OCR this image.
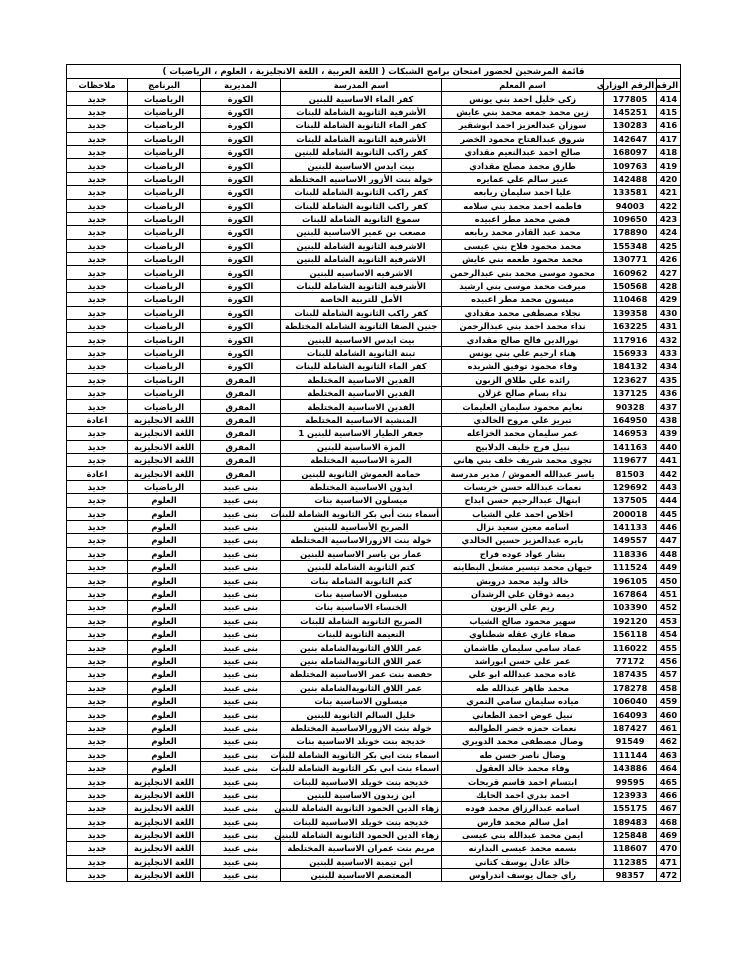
قائمة المرشحين لحضور امتحان برامج الشبكات ( اللغة العربية ، اللغة الانجليزية ، العلوم ، الرياضيات )						
الرقم	الرقم الوزاري	اسم المعلم	اسم المدرسة	المديرية	البرنامج	ملاحظات
414	177805	زكي خليل احمد بني يونس	كفر الماء الاساسية للبنين	الكورة	الرياضيات	جديد
415	145251	زين محمد جمعه محمد بني عايش	الأشرفية الثانوية الشاملة للبنات	الكورة	الرياضيات	جديد
416	130283	سوزان عبدالعزيز احمد ابوشقير	كفر الماء الثانوية الشاملة للبنات	الكورة	الرياضيات	جديد
417	142647	شروق عبدالفتاح محمود الخضر	الأشرفية الثانوية الشاملة للبنات	الكورة	الرياضيات	جديد
418	168097	صالح احمد عبدالنعيم مقدادي	كفر راكب الثانوية الشاملة للبنين	الكورة	الرياضيات	جديد
419	109763	طارق محمد مصلح مقدادي	بيت ايدس الاساسية للبنين	الكورة	الرياضيات	جديد
420	142488	عبير سالم علي عمايره	خولة بنت الأزور الاساسيه المختلطة	الكورة	الرياضيات	جديد
421	133581	عليا احمد سليمان ربابعه	كفر راكب الثانوية الشاملة للبنات	الكورة	الرياضيات	جديد
422	94003	فاطمه احمد محمد بني سلامه	كفر راكب الثانوية الشاملة للبنات	الكورة	الرياضيات	جديد
423	109650	فضي محمد مطر اعبيده	سموع الثانوية الشاملة للبنات	الكورة	الرياضيات	جديد
424	178890	محمد عبد القادر محمد ربابعه	مصعب بن عمير الاساسية للبنين	الكورة	الرياضيات	جديد
425	155348	محمد محمود فلاح بني عيسى	الاشرفية الثانوية الشاملة للبنين	الكورة	الرياضيات	جديد
426	130771	محمد محمود طعمه بني عايش	الاشرفية الثانوية الشاملة للبنين	الكورة	الرياضيات	جديد
427	160962	محمود موسى محمد بني عبدالرحمن	الاشرفيه الاساسيه للبنين	الكورة	الرياضيات	جديد
428	150568	ميرفت محمد موسى بني ارشيد	الأشرفية الثانوية الشاملة للبنات	الكورة	الرياضيات	جديد
429	110468	ميسون محمد مطر اعبيده	الأمل للتربية الخاصة	الكورة	الرياضيات	جديد
430	139358	نجلاء مصطفى محمد مقدادي	كفر راكب الثانوية الشاملة للبنات	الكورة	الرياضيات	جديد
431	163225	نداء محمد احمد بني عبدالرحمن	جنين الصفا الثانوية الشاملة المختلطة	الكورة	الرياضيات	جديد
432	117916	نورالدين فالح صالح مقدادي	بيت ايدس الاساسية للبنين	الكورة	الرياضيات	جديد
433	156933	هناء ارحيم علي بني يونس	تبنة الثانوية الشاملة للبنات	الكورة	الرياضيات	جديد
434	184132	وفاء محمود توفيق الشريده	كفر الماء الثانوية الشاملة للبنات	الكورة	الرياضيات	جديد
435	123627	رائده علي طلاق الزبون	الفدين الاساسية المختلطة	المفرق	الرياضيات	جديد
436	137125	نداء بسام صالح غزلان	الفدين الاساسية المختلطة	المفرق	الرياضيات	جديد
437	90328	نعايم محمود سليمان العليمات	الفدين الاساسية المختلطة	المفرق	الرياضيات	جديد
438	164950	تبريز علي مروح الخالدي	المنشية الاساسية المختلطة	المفرق	اللغة الانجليزية	اعادة
439	146953	عمر سليمان محمد الخزاعله	جعفر الطيار الاساسية للبنين 1	المفرق	اللغة الانجليزية	جديد
440	141163	نبيل فرج خليف الدلابيح	المزة الاساسية للبنين	المفرق	اللغة الانجليزية	جديد
441	119677	تجوى محمد شريف خلف بني هاني	المزة الاساسية المختلطة	المفرق	اللغة الانجليزية	جديد
442	81503	ياسر عبدالله العموش / مدير مدرسة	حمامة العموش الثانوية للبنين	المفرق	اللغة الانجليزية	اعادة
443	129692	نعمات عبدالله حسن خريسات	ايدون الاساسية المختلطة	بنى عبيد	الرياضيات	جديد
444	137505	ابتهال عبدالرحيم حسن ابداح	ميسلون الاساسية بنات	بنى عبيد	العلوم	جديد
445	200018	اخلاص احمد علي الشياب	أسماء بنت أبي بكر الثانوية الشاملة للبنات	بنى عبيد	العلوم	جديد
446	141133	اسامه معين سعيد نزال	الصريح الأساسية للبنين	بنى عبيد	العلوم	جديد
447	149557	بايره عبدالعزيز حسين الخالدي	خولة بنت الازورالاساسية المختلطة	بنى عبيد	العلوم	جديد
448	118336	بشار عواد عوده فراج	عمار بن ياسر الاساسية للبنين	بنى عبيد	العلوم	جديد
449	111524	جيهان محمد تيسير مشعل البطاينه	كتم الثانوية الشاملة للبنين	بنى عبيد	العلوم	جديد
450	196105	خالد وليد محمد درويش	كتم الثانوية الشاملة بنات	بنى عبيد	العلوم	جديد
451	167864	ديمه ذوقان علي الرشدان	ميسلون الاساسية بنات	بنى عبيد	العلوم	جديد
452	103390	ريم علي الزبون	الخنساء الاساسية بنات	بنى عبيد	العلوم	جديد
453	192120	سهير محمود صالح الشياب	الصريح الثانوية الشاملة للبنات	بنى عبيد	العلوم	جديد
454	156118	صفاء غازي عقله شطناوي	النعيمة الثانوية للبنات	بنى عبيد	العلوم	جديد
455	116022	عماد سامي سليمان طاشمان	عمر اللاق الثانويةالشاملة بنين	بنى عبيد	العلوم	جديد
456	77172	عمر علي حسن ابوراشد	عمر اللاق الثانويةالشاملة بنين	بنى عبيد	العلوم	جديد
457	187435	غاده محمد عبدالله ابو علي	حفصة بنت عمر الاساسية المختلطة	بنى عبيد	العلوم	جديد
458	178278	محمد ظاهر عبدالله طه	عمر اللاق الثانويةالشاملة بنين	بنى عبيد	العلوم	جديد
459	106040	مياده سليمان سامي النمري	ميسلون الاساسية بنات	بنى عبيد	العلوم	جديد
460	164093	نبيل عوض احمد الطعاني	خليل السالم الثانوية للبنين	بنى عبيد	العلوم	جديد
461	187427	نعمات حمزه خضر الطوالبه	خولة بنت الازورالاساسية المختلطة	بنى عبيد	العلوم	جديد
462	91549	وصال مصطفى محمد الدويري	خديجة بنت خويلد الاساسية بنات	بنى عبيد	العلوم	جديد
463	111144	وصال ناصر حسن طه	اسماء بنت ابي بكر الثانوية الشاملة للبنات	بنى عبيد	العلوم	جديد
464	143886	وفاء محمد خالد العقول	اسماء بنت ابي بكر الثانوية الشاملة للبنات	بنى عبيد	العلوم	جديد
465	99595	ابتسام احمد قاسم قربحات	خديجه بنت خويلد الاساسية للبنات	بنى عبيد	اللغة الانجليزية	جديد
466	123933	احمد بدري احمد الحايك	ابن زيدون الاساسية للبنين	بنى عبيد	اللغة الانجليزية	جديد
467	155175	اسامه عبدالرزاق محمد فوده	زهاء الدين الحمود الثانوية الشاملة للبنين	بنى عبيد	اللغة الانجليزية	جديد
468	189483	امل سالم محمد فارس	خديجه بنت خويلد الاساسية للبنات	بنى عبيد	اللغة الانجليزية	جديد
469	125848	ايمن محمد عبدالله بني عيسى	زهاء الدين الحمود الثانوية الشاملة للبنين	بنى عبيد	اللغة الانجليزية	جديد
470	118607	بسمه محمد عيسى البدارنه	مريم بنت عمران الاساسية المختلطة	بنى عبيد	اللغة الانجليزية	جديد
471	112385	خالد عادل يوسف كتاني	ابن تيمية الاساسية للبنين	بنى عبيد	اللغة الانجليزية	جديد
472	98357	راي جمال يوسف اندراوس	المعتصم الاساسية للبنين	بنى عبيد	اللغة الانجليزية	جديد
